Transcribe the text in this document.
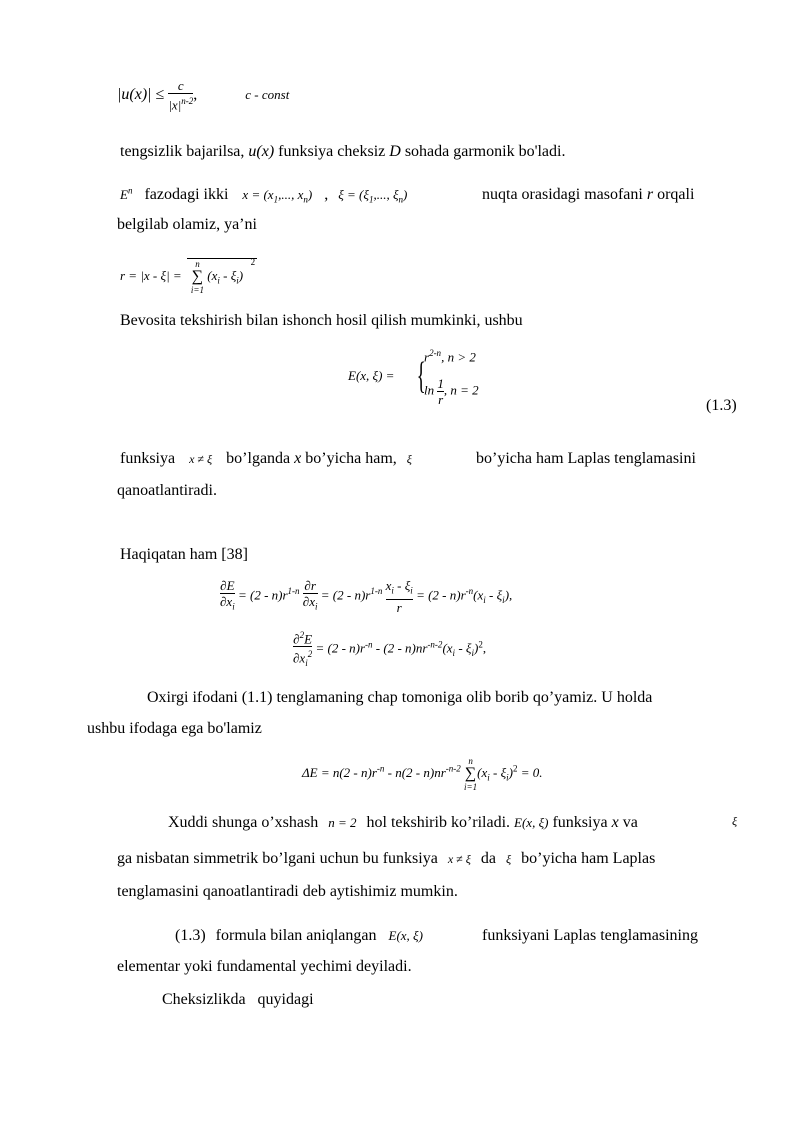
$|u(x)| \le \frac{c}{|x|^{n-2}}$ ,	c - const
tengsizlik bajarilsa, u(x) funksiya cheksiz D sohada garmonik bo'ladi.
$E^n$ fazodagi ikki $x = (x_1$,..., $x_n$) , $\xi = (\xi_1$,..., $\xi_n$)	nuqta orasidagi masofani r orqali
belgilab olamiz, ya’ni
r = |x - ξ| =
n
∑
i=1
$(x_i - \xi_i)$
2
Bevosita tekshirish bilan ishonch hosil qilish mumkinki, ushbu
E(x, ξ) = {
$r^{2-n}$, n > 2
$\ln \frac{1}{r}$ , n = 2
(1.3)
funksiya x ≠ ξ bo’lganda x bo’yicha ham, ξ	bo’yicha ham Laplas tenglamasini
qanoatlantiradi.
Haqiqatan ham [38]
$\frac{\partial E}{\partial x_i} = (2 - n)r^{1-n} \frac{\partial r}{\partial x_i} = (2 - n)r^{1-n} \frac{x_i - \xi_i}{r} = (2 - n)r^{-n}(x_i - \xi_i)$,
$\frac{\partial^2E}{\partial x_i^2} = (2 - n)r^{-n} - (2 - n)nr^{-n-2}(x_i - \xi_i)^2$,
Oxirgi ifodani (1.1) tenglamaning chap tomoniga olib borib qo’yamiz. U holda
ushbu ifodaga ega bo'lamiz
$\Delta E = n(2 - n)r^{-n} - n(2 - n)nr^{-n-2}$
n
∑
i=1
$(x_i - \xi_i)^2 = 0$.
Xuddi shunga o’xshash n = 2 hol tekshirib ko’riladi. E(x, ξ) funksiya x va	ξ
ga nisbatan simmetrik bo’lgani uchun bu funksiya x ≠ ξ da ξ bo’yicha ham Laplas
tenglamasini qanoatlantiradi deb aytishimiz mumkin.
(1.3) formula bilan aniqlangan E(x, ξ)	funksiyani Laplas tenglamasining
elementar yoki fundamental yechimi deyiladi.
Cheksizlikda   quyidagi
